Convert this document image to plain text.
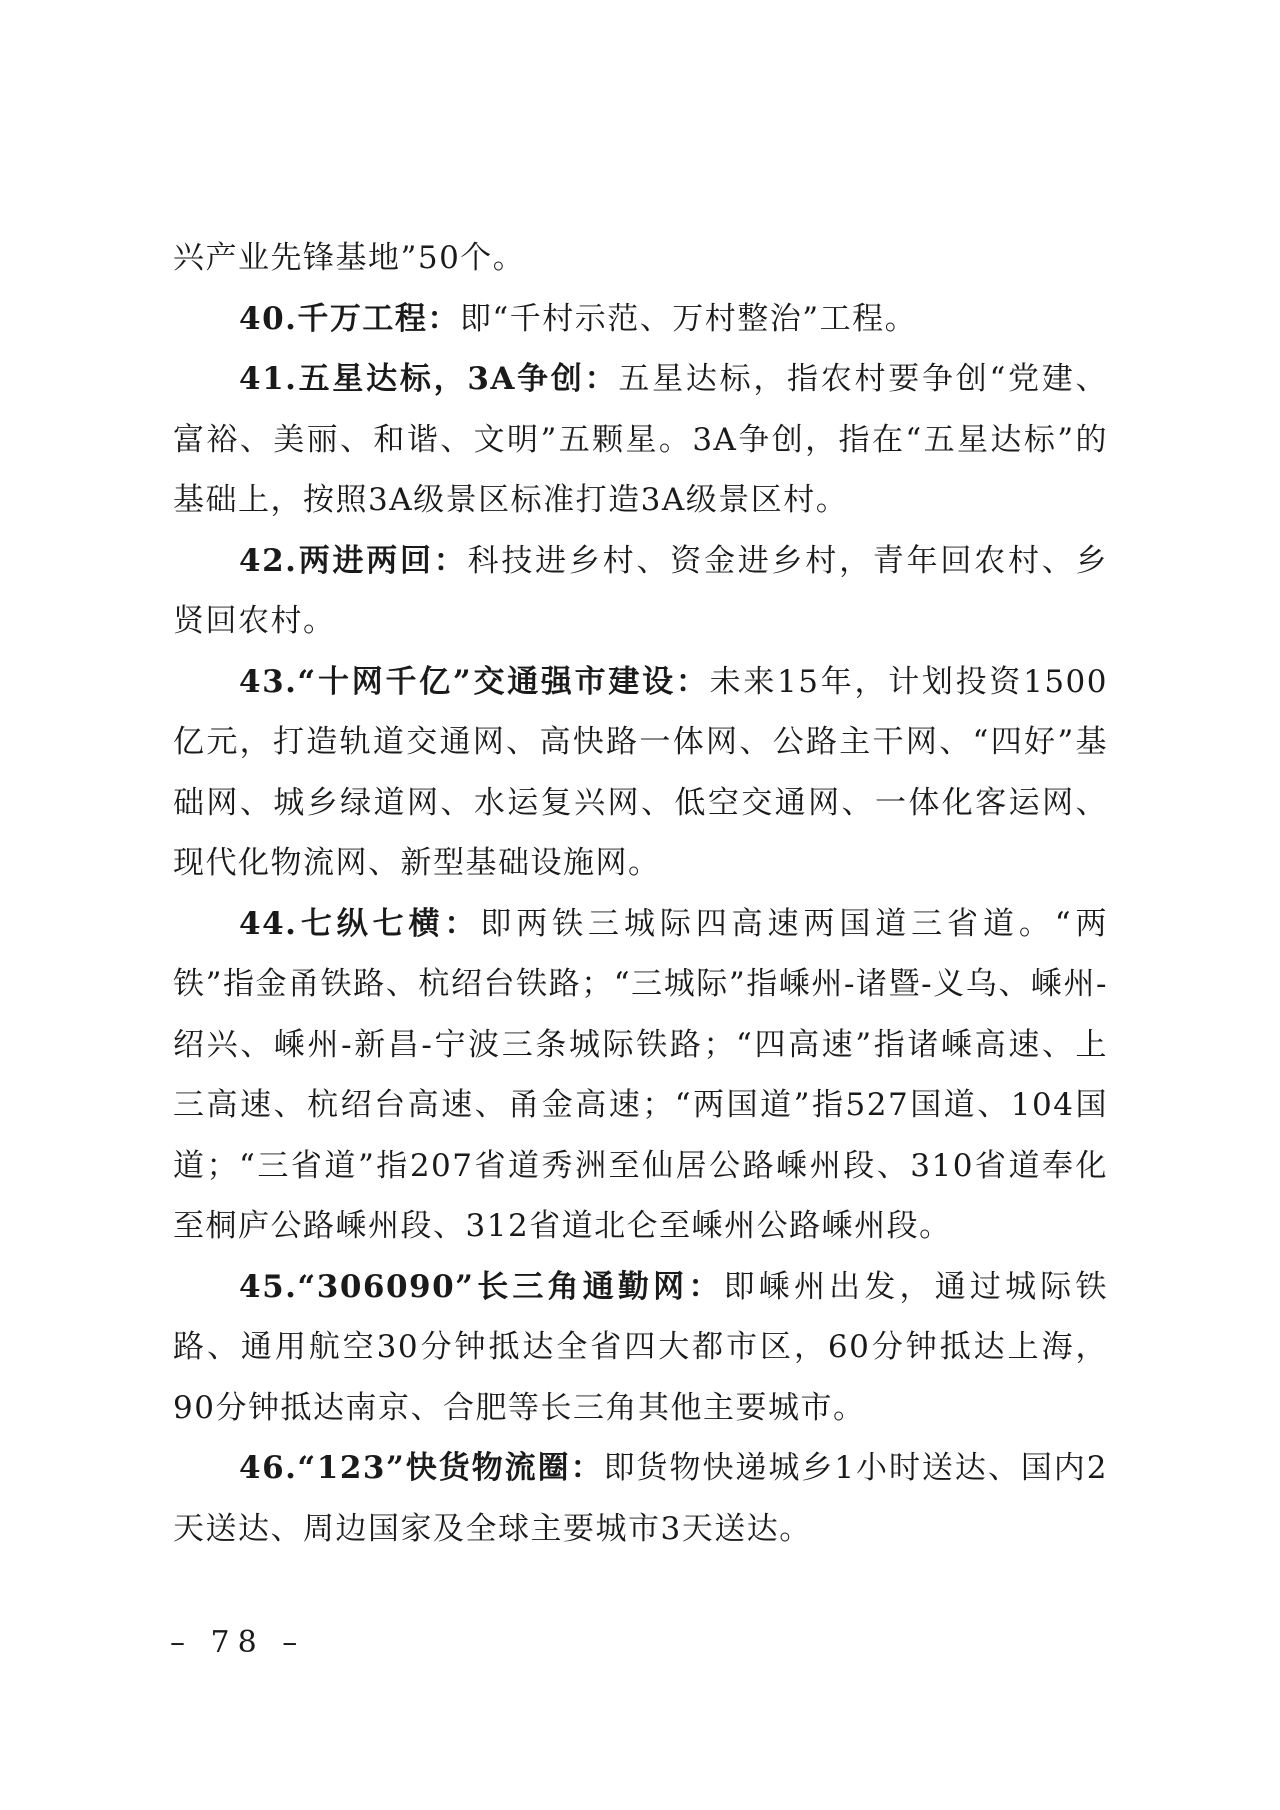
兴产业先锋基地”50个。

40.千万工程：即“千村示范、万村整治”工程。

41.五星达标，3A争创：五星达标，指农村要争创“党建、富裕、美丽、和谐、文明”五颗星。3A争创，指在“五星达标”的基础上，按照3A级景区标准打造3A级景区村。

42.两进两回：科技进乡村、资金进乡村，青年回农村、乡贤回农村。

43.“十网千亿”交通强市建设：未来15年，计划投资1500亿元，打造轨道交通网、高快路一体网、公路主干网、“四好”基础网、城乡绿道网、水运复兴网、低空交通网、一体化客运网、现代化物流网、新型基础设施网。

44.七纵七横：即两铁三城际四高速两国道三省道。“两铁”指金甬铁路、杭绍台铁路；“三城际”指嵊州-诸暨-义乌、嵊州-绍兴、嵊州-新昌-宁波三条城际铁路；“四高速”指诸嵊高速、上三高速、杭绍台高速、甬金高速；“两国道”指527国道、104国道；“三省道”指207省道秀洲至仙居公路嵊州段、310省道奉化至桐庐公路嵊州段、312省道北仑至嵊州公路嵊州段。

45.“306090”长三角通勤网：即嵊州出发，通过城际铁路、通用航空30分钟抵达全省四大都市区，60分钟抵达上海，90分钟抵达南京、合肥等长三角其他主要城市。

46.“123”快货物流圈：即货物快递城乡1小时送达、国内2天送达、周边国家及全球主要城市3天送达。

– 78 –
